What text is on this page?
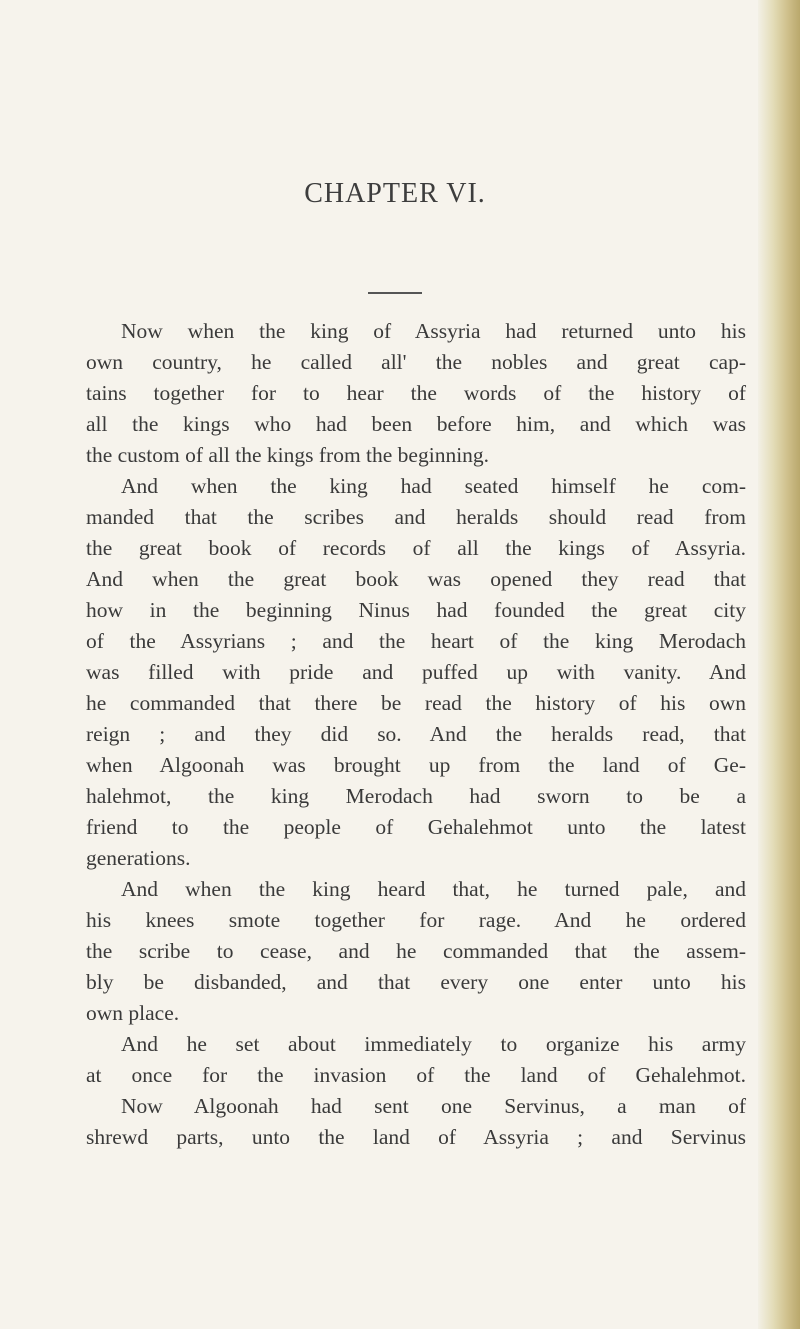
CHAPTER VI.
Now when the king of Assyria had returned unto his
own country, he called all' the nobles and great cap-
tains together for to hear the words of the history of
all the kings who had been before him, and which was
the custom of all the kings from the beginning.
And when the king had seated himself he com-
manded that the scribes and heralds should read from
the great book of records of all the kings of Assyria.
And when the great book was opened they read that
how in the beginning Ninus had founded the great city
of the Assyrians ; and the heart of the king Merodach
was filled with pride and puffed up with vanity. And
he commanded that there be read the history of his own
reign ; and they did so. And the heralds read, that
when Algoonah was brought up from the land of Ge-
halehmot, the king Merodach had sworn to be a
friend to the people of Gehalehmot unto the latest
generations.
And when the king heard that, he turned pale, and
his knees smote together for rage. And he ordered
the scribe to cease, and he commanded that the assem-
bly be disbanded, and that every one enter unto his
own place.
And he set about immediately to organize his army
at once for the invasion of the land of Gehalehmot.
Now Algoonah had sent one Servinus, a man of
shrewd parts, unto the land of Assyria ; and Servinus
